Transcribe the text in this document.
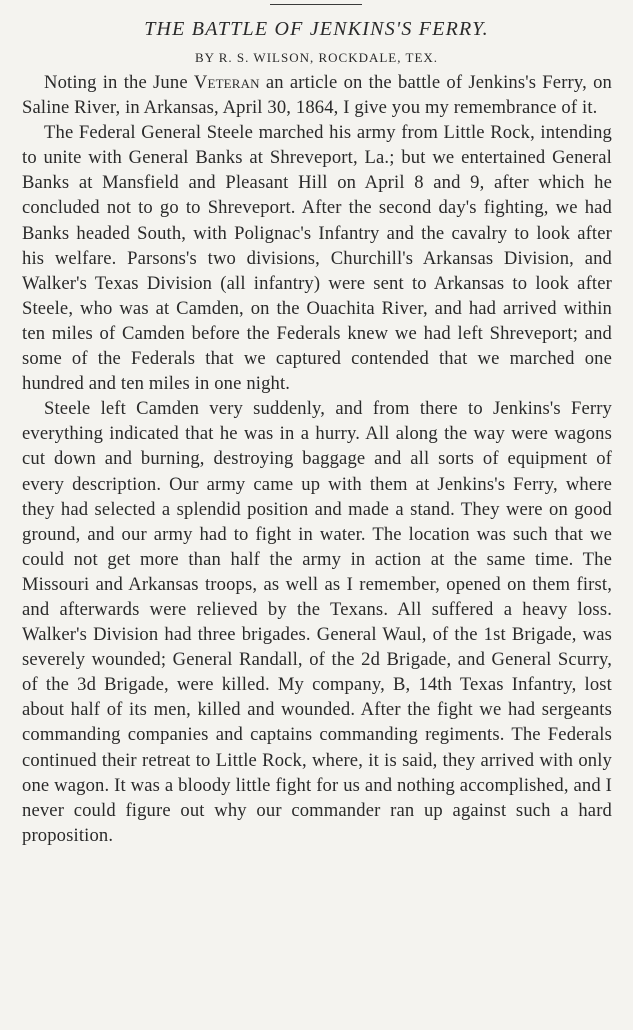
THE BATTLE OF JENKINS'S FERRY.
BY R. S. WILSON, ROCKDALE, TEX.

Noting in the June Veteran an article on the battle of Jenkins's Ferry, on Saline River, in Arkansas, April 30, 1864, I give you my remembrance of it.

The Federal General Steele marched his army from Little Rock, intending to unite with General Banks at Shreveport, La.; but we entertained General Banks at Mansfield and Pleasant Hill on April 8 and 9, after which he concluded not to go to Shreveport. After the second day's fighting, we had Banks headed South, with Polignac's Infantry and the cavalry to look after his welfare. Parsons's two divisions, Churchill's Arkansas Division, and Walker's Texas Division (all infantry) were sent to Arkansas to look after Steele, who was at Camden, on the Ouachita River, and had arrived within ten miles of Camden before the Federals knew we had left Shreveport; and some of the Federals that we captured contended that we marched one hundred and ten miles in one night.

Steele left Camden very suddenly, and from there to Jenkins's Ferry everything indicated that he was in a hurry. All along the way were wagons cut down and burning, destroying baggage and all sorts of equipment of every description. Our army came up with them at Jenkins's Ferry, where they had selected a splendid position and made a stand. They were on good ground, and our army had to fight in water. The location was such that we could not get more than half the army in action at the same time. The Missouri and Arkansas troops, as well as I remember, opened on them first, and afterwards were relieved by the Texans. All suffered a heavy loss. Walker's Division had three brigades. General Waul, of the 1st Brigade, was severely wounded; General Randall, of the 2d Brigade, and General Scurry, of the 3d Brigade, were killed. My company, B, 14th Texas Infantry, lost about half of its men, killed and wounded. After the fight we had sergeants commanding companies and captains commanding regiments. The Federals continued their retreat to Little Rock, where, it is said, they arrived with only one wagon. It was a bloody little fight for us and nothing accomplished, and I never could figure out why our commander ran up against such a hard proposition.
